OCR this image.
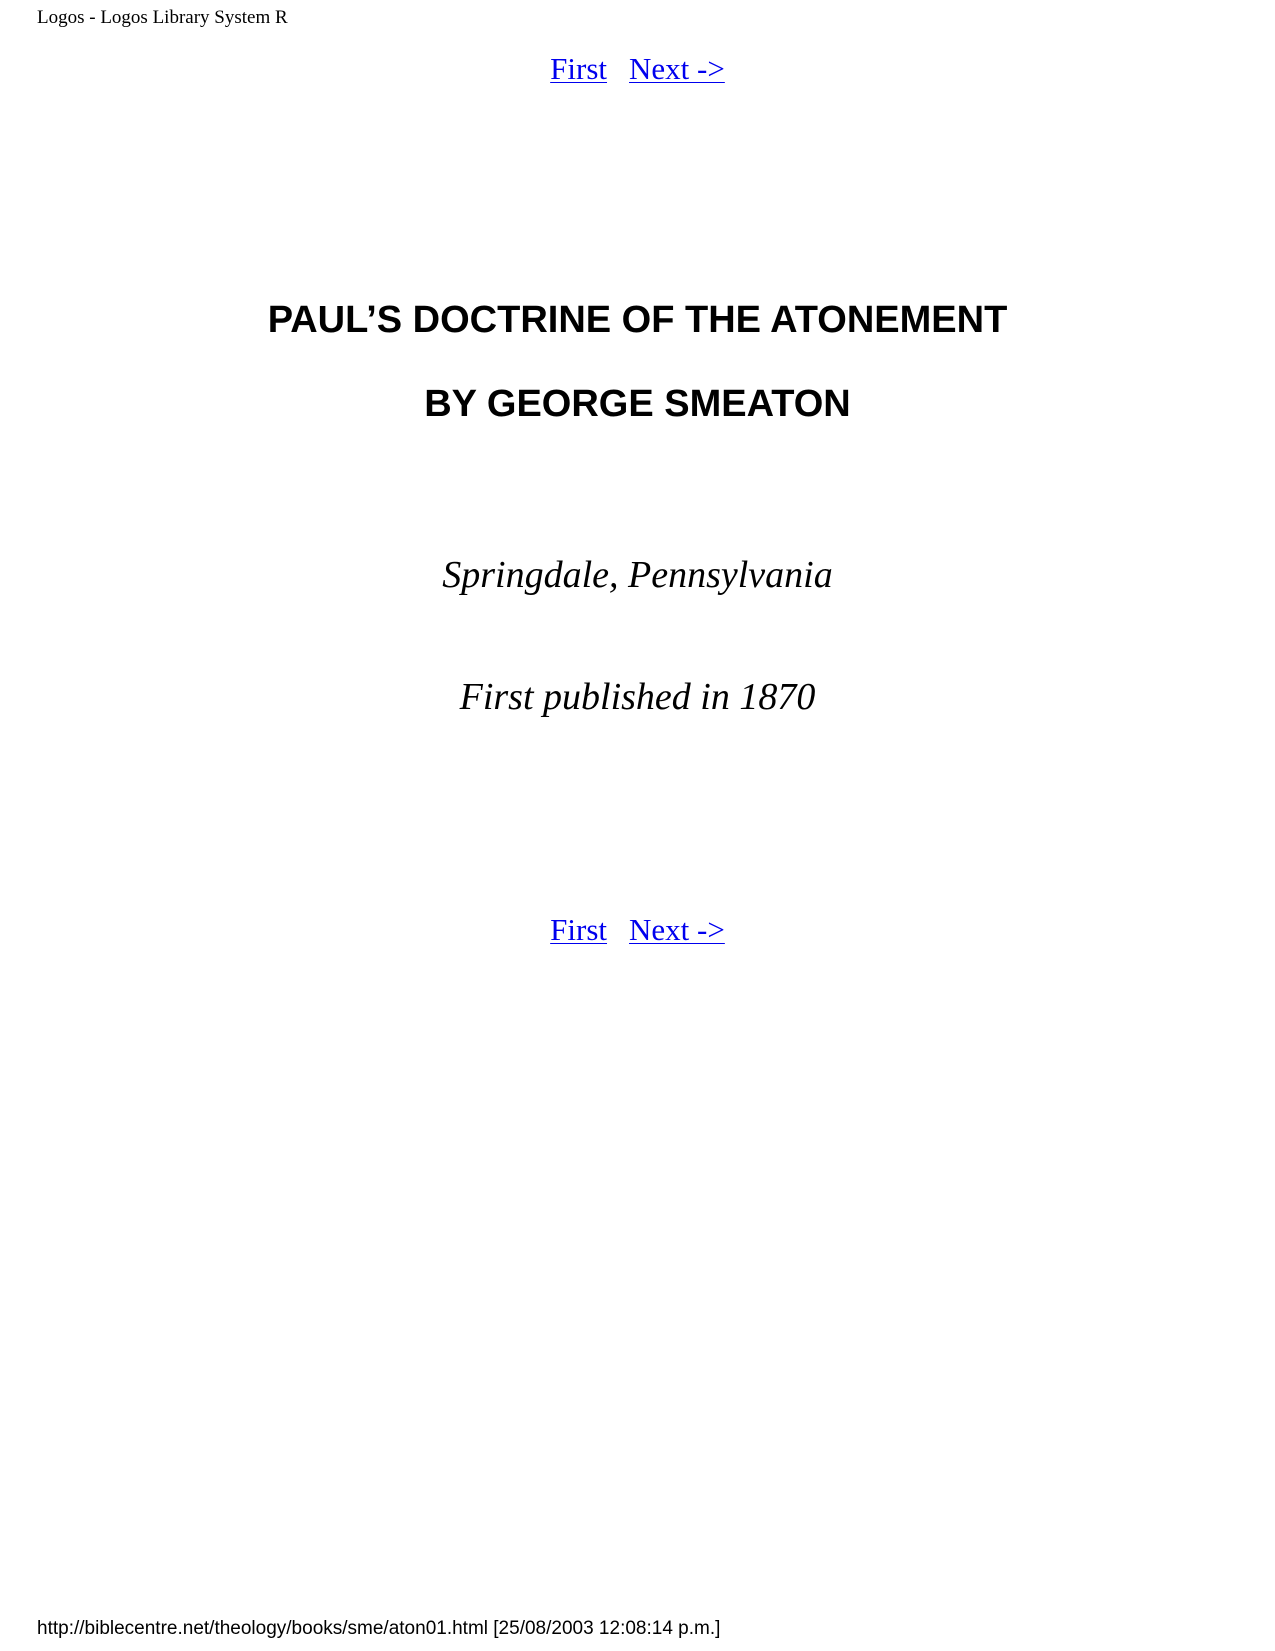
Logos - Logos Library System R
First Next ->
PAUL’S DOCTRINE OF THE ATONEMENT
BY GEORGE SMEATON
Springdale, Pennsylvania
First published in 1870
First Next ->
http://biblecentre.net/theology/books/sme/aton01.html [25/08/2003 12:08:14 p.m.]
